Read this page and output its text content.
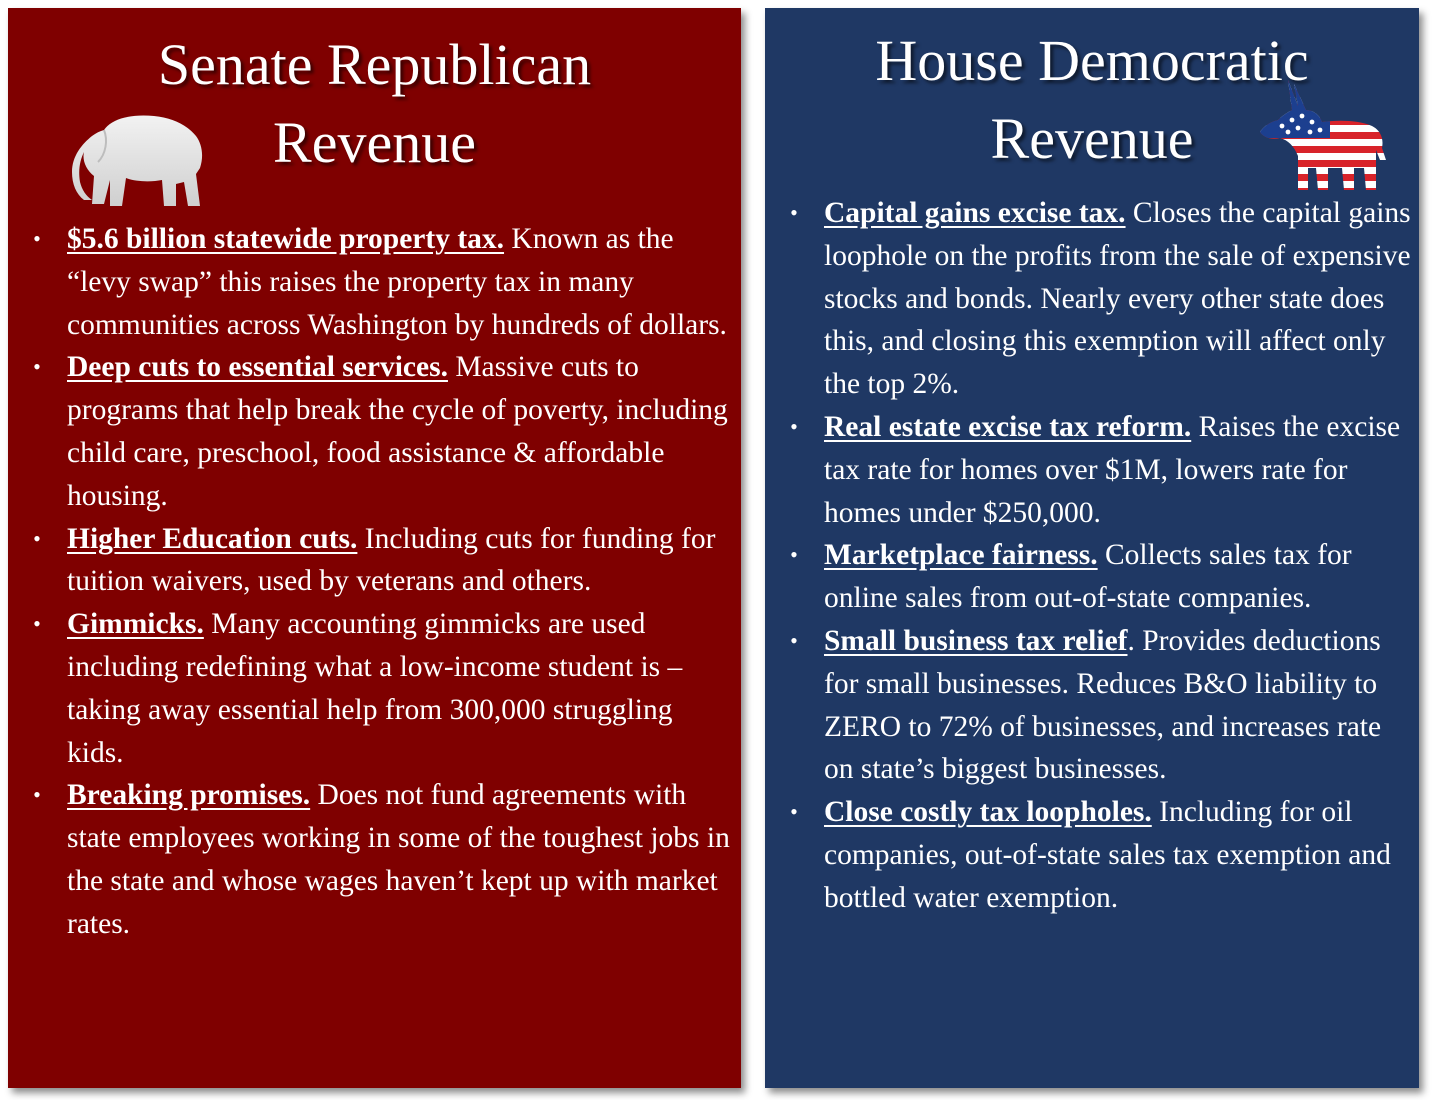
Senate Republican
Revenue
• $5.6 billion statewide property tax. Known as the “levy swap” this raises the property tax in many communities across Washington by hundreds of dollars.
• Deep cuts to essential services. Massive cuts to programs that help break the cycle of poverty, including child care, preschool, food assistance & affordable housing.
• Higher Education cuts. Including cuts for funding for tuition waivers, used by veterans and others.
• Gimmicks. Many accounting gimmicks are used including redefining what a low-income student is – taking away essential help from 300,000 struggling kids.
• Breaking promises. Does not fund agreements with state employees working in some of the toughest jobs in the state and whose wages haven’t kept up with market rates.
House Democratic
Revenue
• Capital gains excise tax. Closes the capital gains loophole on the profits from the sale of expensive stocks and bonds. Nearly every other state does this, and closing this exemption will affect only the top 2%.
• Real estate excise tax reform. Raises the excise tax rate for homes over $1M, lowers rate for homes under $250,000.
• Marketplace fairness. Collects sales tax for online sales from out-of-state companies.
• Small business tax relief. Provides deductions for small businesses. Reduces B&O liability to ZERO to 72% of businesses, and increases rate on state’s biggest businesses.
• Close costly tax loopholes. Including for oil companies, out-of-state sales tax exemption and bottled water exemption.
